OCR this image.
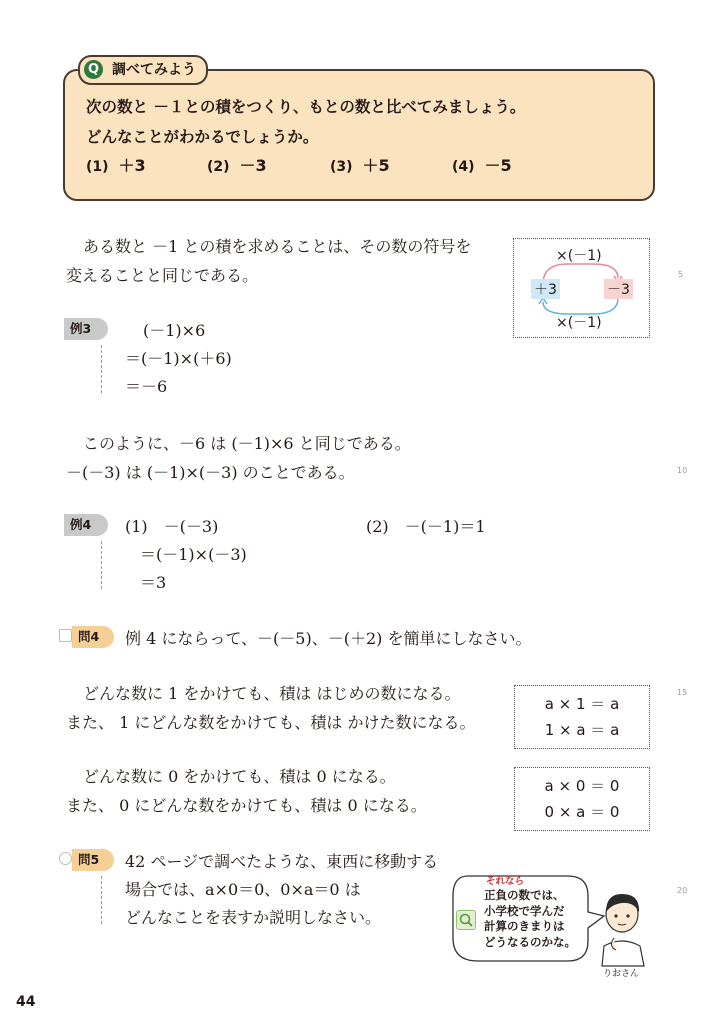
Q 調べてみよう
次の数と －１との積をつくり、もとの数と比べてみましょう。
どんなことがわかるでしょうか。
(1) ＋3	(2) －3	(3) ＋5	(4) －5
ある数と －1 との積を求めることは、その数の符号を
変えることと同じである。
×(－1)
＋3	－3
×(－1)
例3	(－1)×6
＝(－1)×(＋6)
＝－6
このように、－6 は (－1)×6 と同じである。
－(－3) は (－1)×(－3) のことである。
例4	(1)　－(－3)
＝(－1)×(－3)
＝3
(2)　－(－1)＝1
問4	例 4 にならって、－(－5)、－(＋2) を簡単にしなさい。
どんな数に 1 をかけても、積は はじめの数になる。
また、 1 にどんな数をかけても、積は かけた数になる。
a × 1 ＝ a
1 × a ＝ a
どんな数に 0 をかけても、積は 0 になる。
また、 0 にどんな数をかけても、積は 0 になる。
a × 0 ＝ 0
0 × a ＝ 0
問5	42 ページで調べたような、東西に移動する
場合では、a×0＝0、0×a＝0 は
どんなことを表すか説明しなさい。
それなら
正負の数では、
小学校で学んだ
計算のきまりは
どうなるのかな。
りおさん
5
10
15
20
44
